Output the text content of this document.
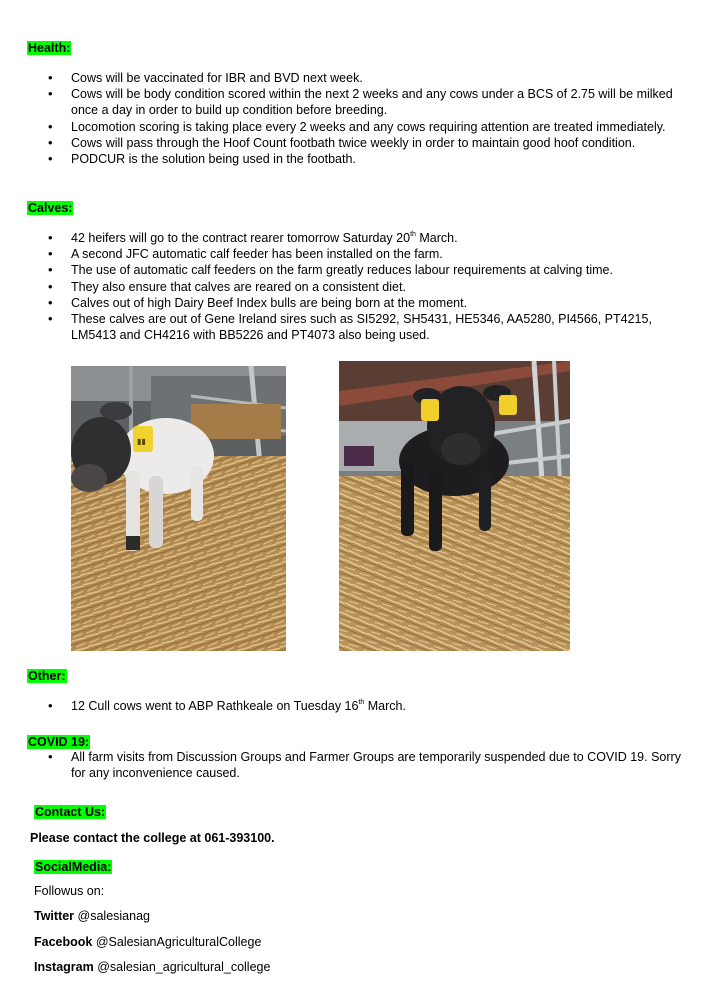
Health:
• Cows will be vaccinated for IBR and BVD next week.
• Cows will be body condition scored within the next 2 weeks and any cows under a BCS of 2.75 will be milked once a day in order to build up condition before breeding.
• Locomotion scoring is taking place every 2 weeks and any cows requiring attention are treated immediately.
• Cows will pass through the Hoof Count footbath twice weekly in order to maintain good hoof condition.
• PODCUR is the solution being used in the footbath.
Calves:
• 42 heifers will go to the contract rearer tomorrow Saturday 20th March.
• A second JFC automatic calf feeder has been installed on the farm.
• The use of automatic calf feeders on the farm greatly reduces labour requirements at calving time.
• They also ensure that calves are reared on a consistent diet.
• Calves out of high Dairy Beef Index bulls are being born at the moment.
• These calves are out of Gene Ireland sires such as SI5292, SH5431, HE5346, AA5280, PI4566, PT4215, LM5413 and CH4216 with BB5226 and PT4073 also being used.
▮▮
Other:
• 12 Cull cows went to ABP Rathkeale on Tuesday 16th March.
COVID 19:
• All farm visits from Discussion Groups and Farmer Groups are temporarily suspended due to COVID 19. Sorry for any inconvenience caused.
Contact Us:
Please contact the college at 061-393100.
SocialMedia:
Followus on:
Twitter @salesianag
Facebook @SalesianAgriculturalCollege
Instagram @salesian_agricultural_college
